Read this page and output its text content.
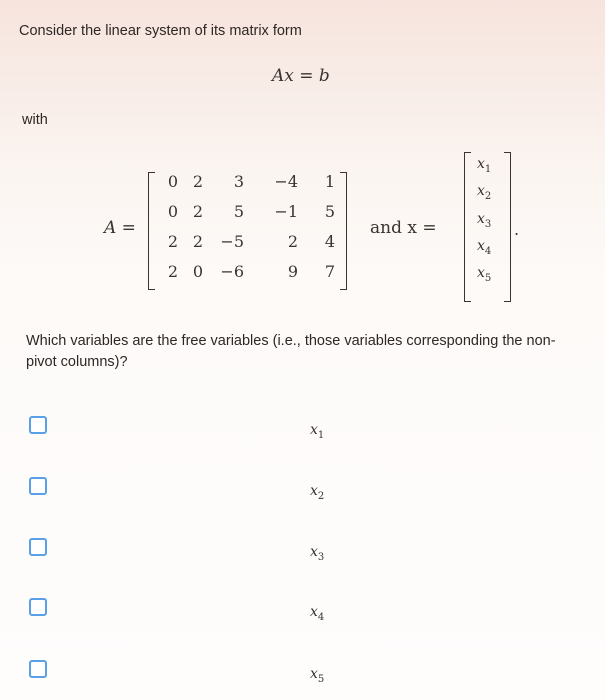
Consider the linear system of its matrix form
Ax = b
with
A =
0 2	3	−4	1
0 2	5	−1	5
2 2	−5	2	4
2 0	−6	9	7
and x =
$x_1$
$x_2$
$x_3$
$x_4$
$x_5$
.
Which variables are the free variables (i.e., those variables corresponding the non-pivot columns)?
$x_1$
$x_2$
$x_3$
$x_4$
$x_5$
